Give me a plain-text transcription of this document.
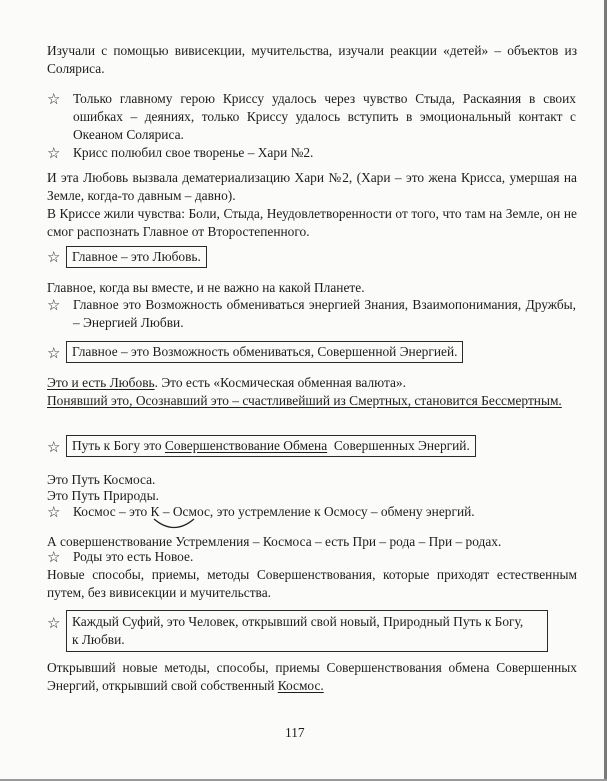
Изучали с помощью вивисекции, мучительства, изучали реакции «детей» – объектов из Соляриса.
☆ Только главному герою Криссу удалось через чувство Стыда, Раскаяния в своих ошибках – деяниях, только Криссу удалось вступить в эмоциональный контакт с Океаном Соляриса.
☆ Крисс полюбил свое творенье – Хари №2.
И эта Любовь вызвала дематериализацию Хари №2, (Хари – это жена Крисса, умершая на Земле, когда-то давным – давно).
В Криссе жили чувства: Боли, Стыда, Неудовлетворенности от того, что там на Земле, он не смог распознать Главное от Второстепенного.
☆ Главное – это Любовь.
Главное, когда вы вместе, и не важно на какой Планете.
☆ Главное это Возможность обмениваться энергией Знания, Взаимопонимания, Дружбы, – Энергией Любви.
☆ Главное – это Возможность обмениваться, Совершенной Энергией.
Это и есть Любовь. Это есть «Космическая обменная валюта».
Понявший это, Осознавший это – счастливейший из Смертных, становится Бессмертным.
☆ Путь к Богу это Совершенствование Обмена  Совершенных Энергий.
Это Путь Космоса.
Это Путь Природы.
☆ Космос – это К – Осмос, это устремление к Осмосу – обмену энергий.
А совершенствование Устремления – Космоса – есть При – рода – При – родах.
☆ Роды это есть Новое.
Новые способы, приемы, методы Совершенствования, которые приходят естественным путем, без вивисекции и мучительства.
☆ Каждый Суфий, это Человек, открывший свой новый, Природный Путь к Богу,
к Любви.
Открывший новые методы, способы, приемы Совершенствования обмена Совершенных Энергий, открывший свой собственный Космос.
117
